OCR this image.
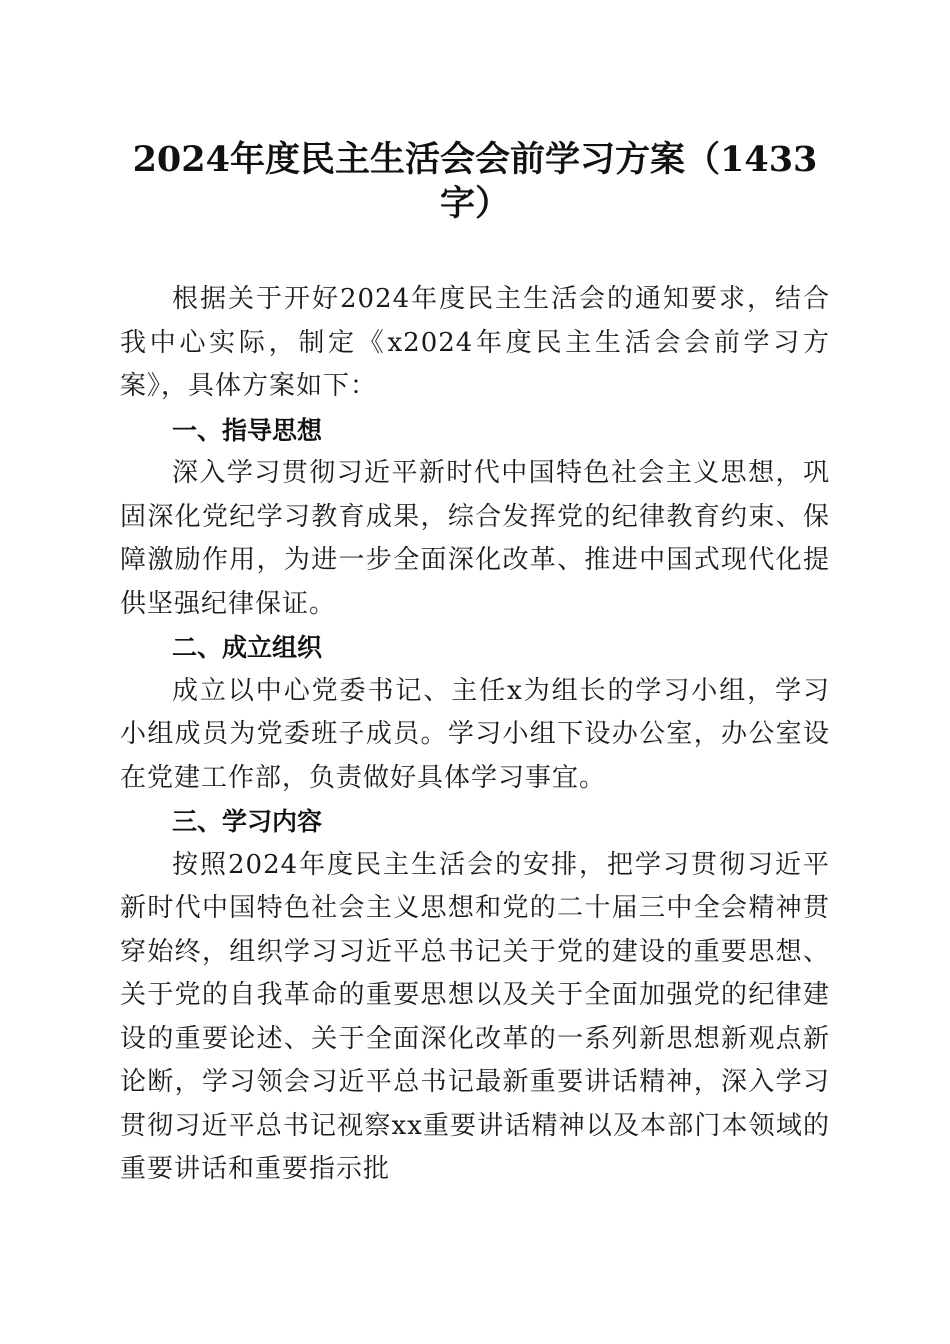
2024年度民主生活会会前学习方案（1433
字）

根据关于开好2024年度民主生活会的通知要求，结合我中心实际，制定《x2024年度民主生活会会前学习方案》，具体方案如下：

一、指导思想

深入学习贯彻习近平新时代中国特色社会主义思想，巩固深化党纪学习教育成果，综合发挥党的纪律教育约束、保障激励作用，为进一步全面深化改革、推进中国式现代化提供坚强纪律保证。

二、成立组织

成立以中心党委书记、主任x为组长的学习小组，学习小组成员为党委班子成员。学习小组下设办公室，办公室设在党建工作部，负责做好具体学习事宜。

三、学习内容

按照2024年度民主生活会的安排，把学习贯彻习近平新时代中国特色社会主义思想和党的二十届三中全会精神贯穿始终，组织学习习近平总书记关于党的建设的重要思想、关于党的自我革命的重要思想以及关于全面加强党的纪律建设的重要论述、关于全面深化改革的一系列新思想新观点新论断，学习领会习近平总书记最新重要讲话精神，深入学习贯彻习近平总书记视察xx重要讲话精神以及本部门本领域的重要讲话和重要指示批
